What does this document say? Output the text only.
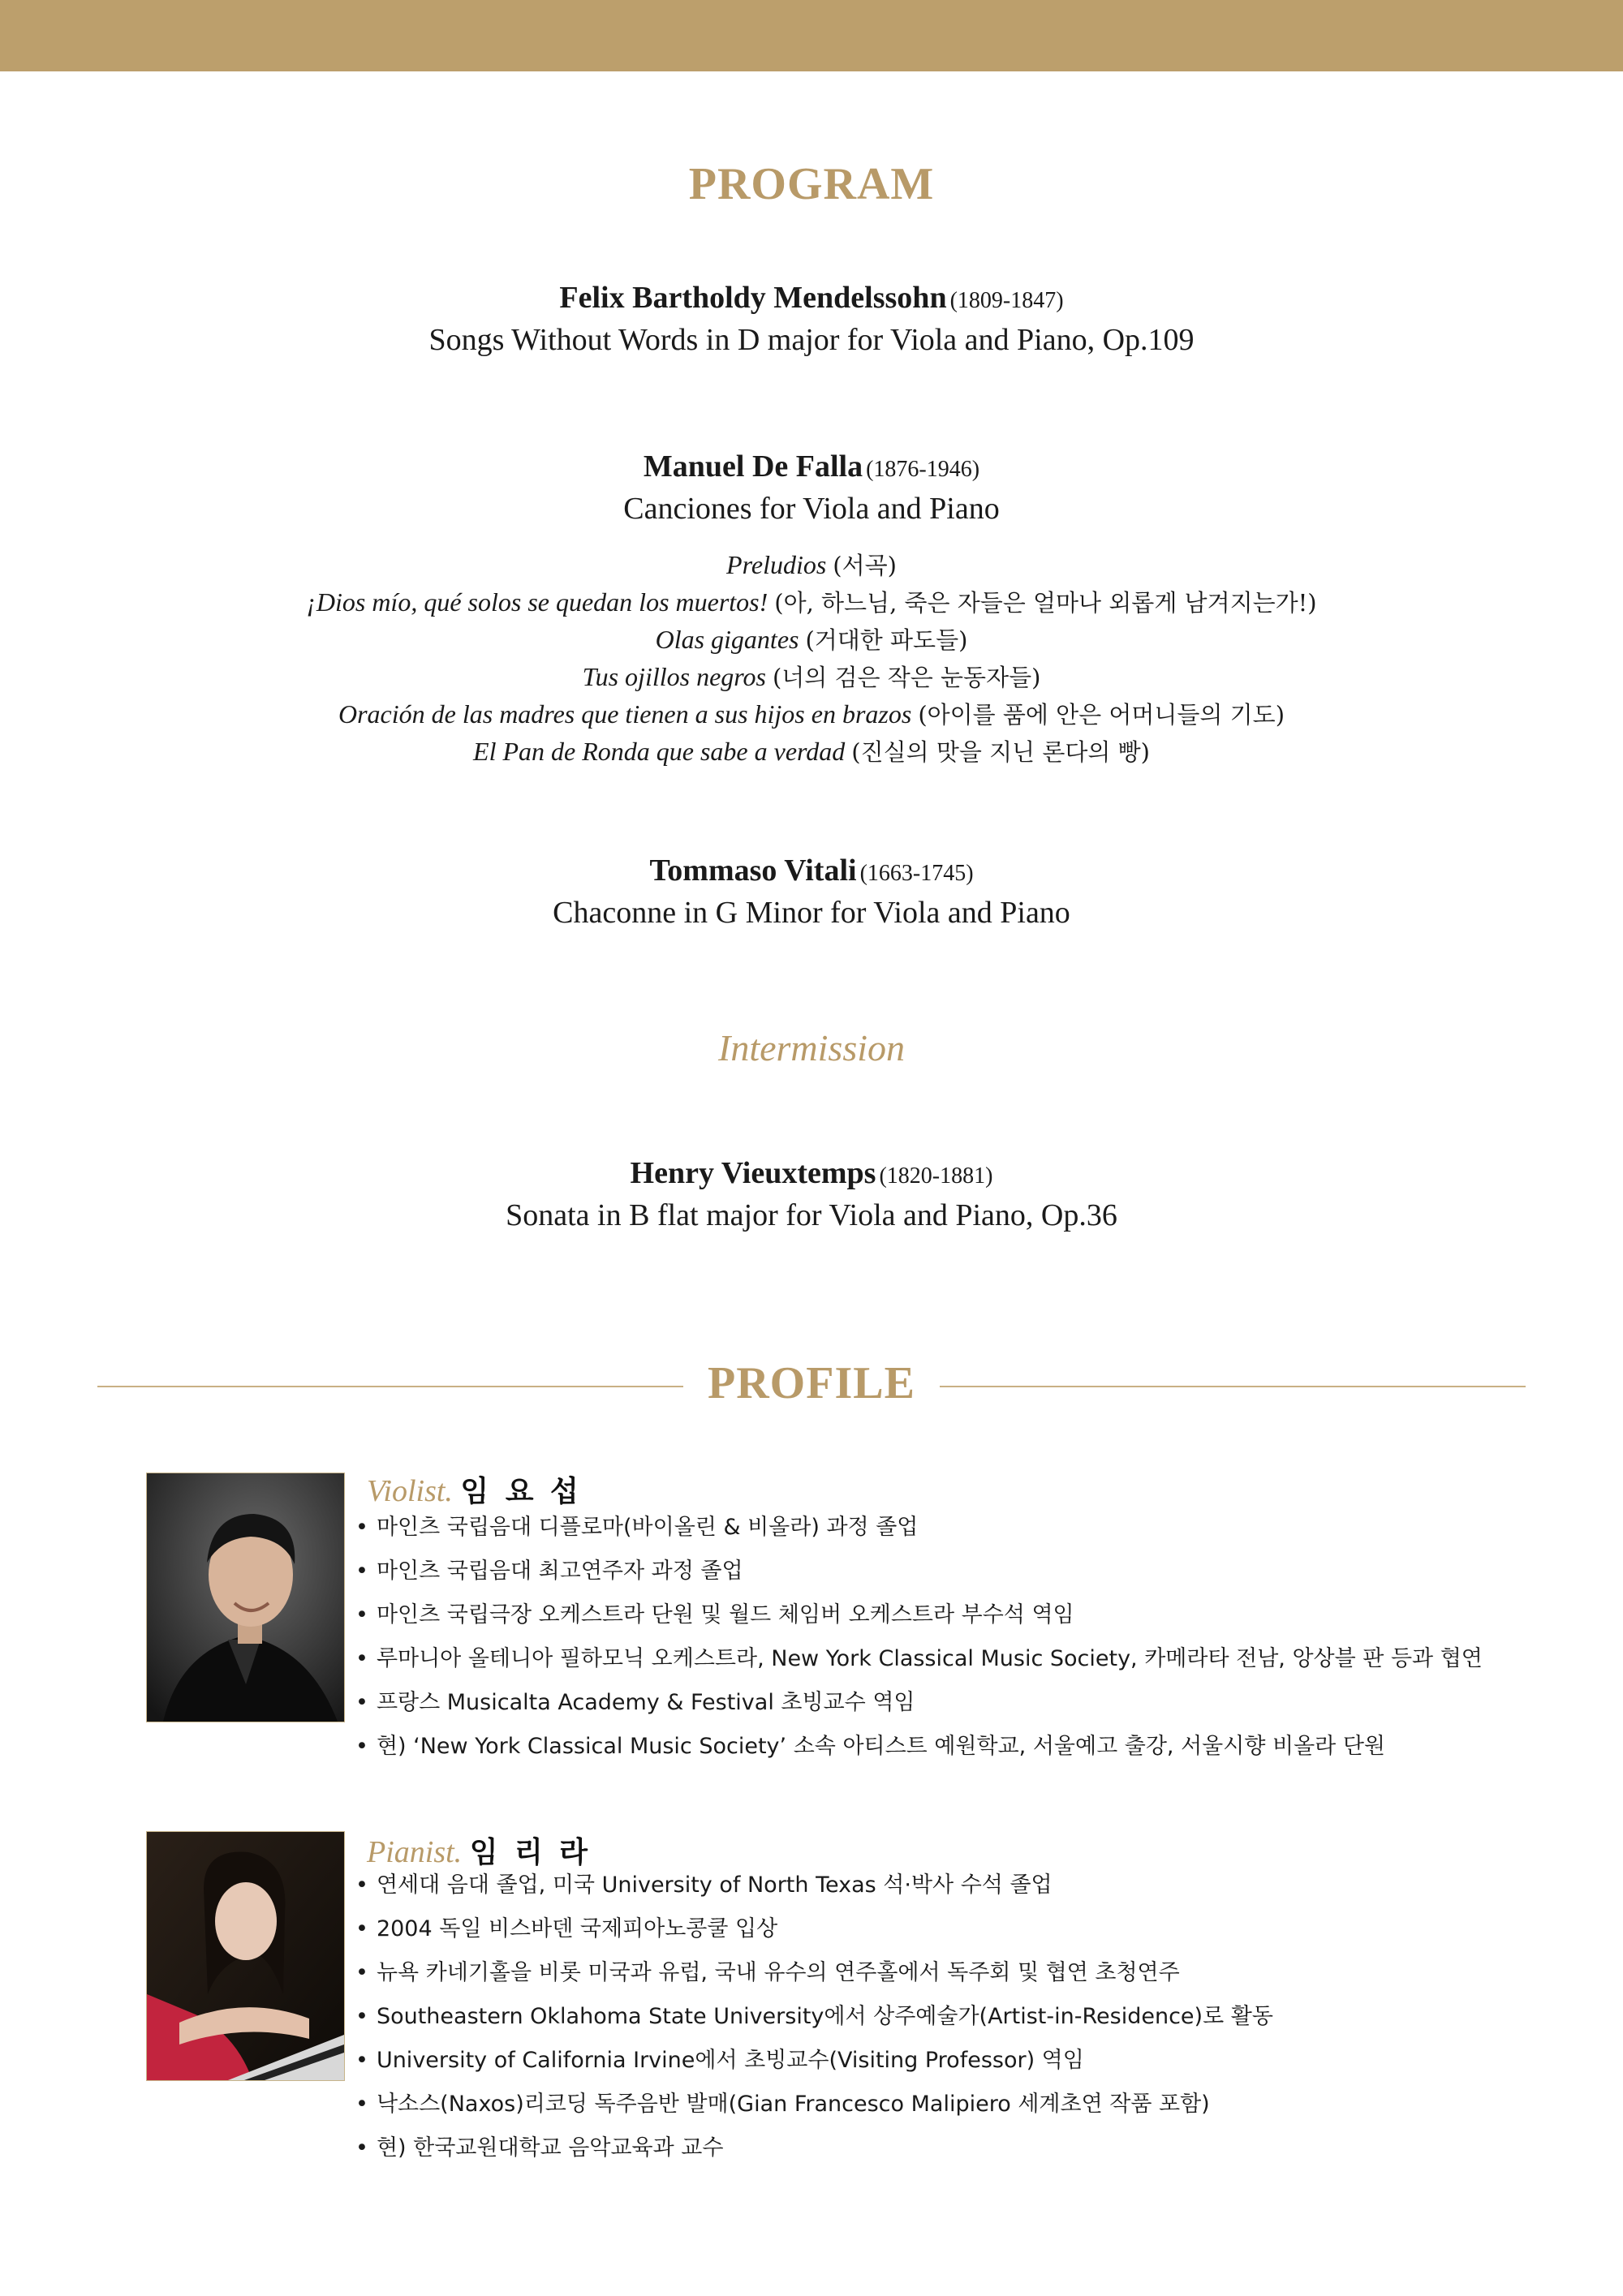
PROGRAM
Felix Bartholdy Mendelssohn (1809-1847)
Songs Without Words in D major for Viola and Piano, Op.109
Manuel De Falla (1876-1946)
Canciones for Viola and Piano
Preludios (서곡)
¡Dios mío, qué solos se quedan los muertos! (아, 하느님, 죽은 자들은 얼마나 외롭게 남겨지는가!)
Olas gigantes (거대한 파도들)
Tus ojillos negros (너의 검은 작은 눈동자들)
Oración de las madres que tienen a sus hijos en brazos (아이를 품에 안은 어머니들의 기도)
El Pan de Ronda que sabe a verdad (진실의 맛을 지닌 론다의 빵)
Tommaso Vitali (1663-1745)
Chaconne in G Minor for Viola and Piano
Intermission
Henry Vieuxtemps (1820-1881)
Sonata in B flat major for Viola and Piano, Op.36
PROFILE
Violist. 임 요 섭
• 마인츠 국립음대 디플로마(바이올린 & 비올라) 과정 졸업
• 마인츠 국립음대 최고연주자 과정 졸업
• 마인츠 국립극장 오케스트라 단원 및 월드 체임버 오케스트라 부수석 역임
• 루마니아 올테니아 필하모닉 오케스트라, New York Classical Music Society, 카메라타 전남, 앙상블 판 등과 협연
• 프랑스 Musicalta Academy & Festival 초빙교수 역임
• 현) ‘New York Classical Music Society’ 소속 아티스트 예원학교, 서울예고 출강, 서울시향 비올라 단원
Pianist. 임 리 라
• 연세대 음대 졸업, 미국 University of North Texas 석·박사 수석 졸업
• 2004 독일 비스바덴 국제피아노콩쿨 입상
• 뉴욕 카네기홀을 비롯 미국과 유럽, 국내 유수의 연주홀에서 독주회 및 협연 초청연주
• Southeastern Oklahoma State University에서 상주예술가(Artist-in-Residence)로 활동
• University of California Irvine에서 초빙교수(Visiting Professor) 역임
• 낙소스(Naxos)리코딩 독주음반 발매(Gian Francesco Malipiero 세계초연 작품 포함)
• 현) 한국교원대학교 음악교육과 교수
